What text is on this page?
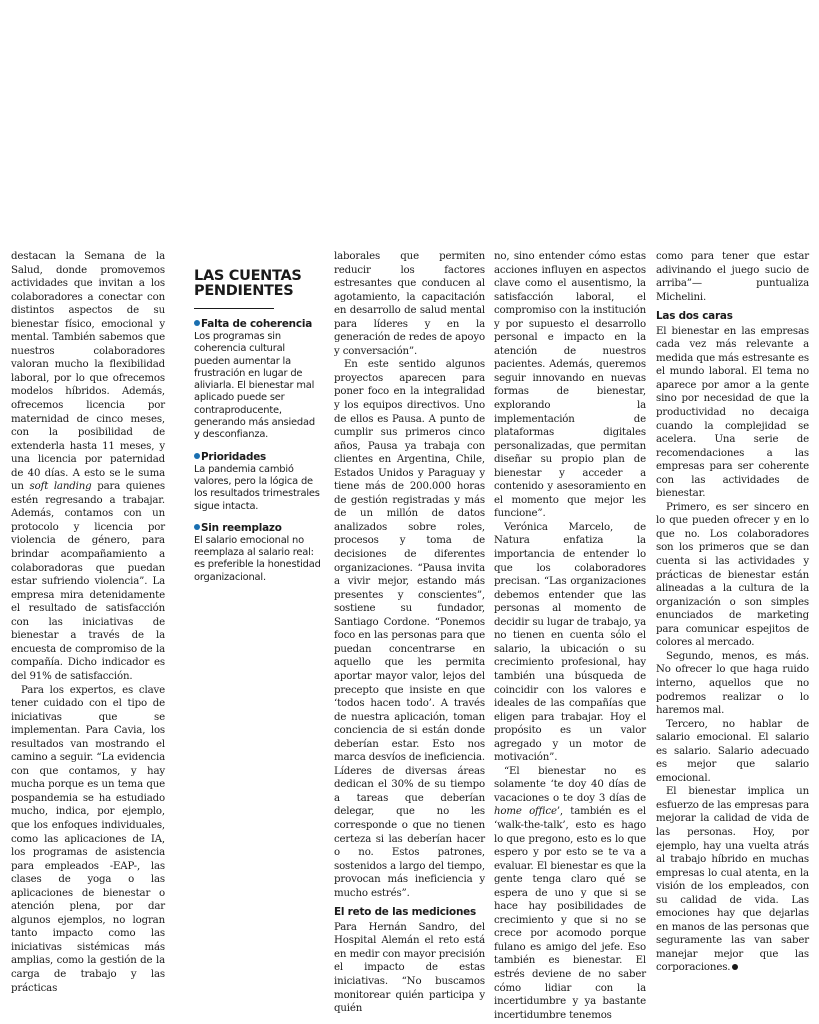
destacan la Semana de la Salud, donde promovemos actividades que invitan a los colaboradores a conectar con distintos aspectos de su bienestar físico, emocional y mental. También sabemos que nuestros colaboradores valoran mucho la flexibilidad laboral, por lo que ofrecemos modelos híbridos. Además, ofrecemos licencia por maternidad de cinco meses, con la posibilidad de extenderla hasta 11 meses, y una licencia por paternidad de 40 días. A esto se le suma un soft landing para quienes estén regresando a trabajar. Además, contamos con un protocolo y licencia por violencia de género, para brindar acompañamiento a colaboradoras que puedan estar sufriendo violencia”. La empresa mira detenidamente el resultado de satisfacción con las iniciativas de bienestar a través de la encuesta de compromiso de la compañía. Dicho indicador es del 91% de satisfacción.

Para los expertos, es clave tener cuidado con el tipo de iniciativas que se implementan. Para Cavia, los resultados van mostrando el camino a seguir. “La evidencia con que contamos, y hay mucha porque es un tema que pospandemia se ha estudiado mucho, indica, por ejemplo, que los enfoques individuales, como las aplicaciones de IA, los programas de asistencia para empleados -EAP-, las clases de yoga o las aplicaciones de bienestar o atención plena, por dar algunos ejemplos, no logran tanto impacto como las iniciativas sistémicas más amplias, como la gestión de la carga de trabajo y las prácticas

LAS CUENTAS PENDIENTES
Falta de coherencia
Los programas sin coherencia cultural pueden aumentar la frustración en lugar de aliviarla. El bienestar mal aplicado puede ser contraproducente, generando más ansiedad y desconfianza.
Prioridades
La pandemia cambió valores, pero la lógica de los resultados trimestrales sigue intacta.
Sin reemplazo
El salario emocional no reemplaza al salario real: es preferible la honestidad organizacional.

laborales que permiten reducir los factores estresantes que conducen al agotamiento, la capacitación en desarrollo de salud mental para líderes y en la generación de redes de apoyo y conversación”.

En este sentido algunos proyectos aparecen para poner foco en la integralidad y los equipos directivos. Uno de ellos es Pausa. A punto de cumplir sus primeros cinco años, Pausa ya trabaja con clientes en Argentina, Chile, Estados Unidos y Paraguay y tiene más de 200.000 horas de gestión registradas y más de un millón de datos analizados sobre roles, procesos y toma de decisiones de diferentes organizaciones. “Pausa invita a vivir mejor, estando más presentes y conscientes”, sostiene su fundador, Santiago Cordone. “Ponemos foco en las personas para que puedan concentrarse en aquello que les permita aportar mayor valor, lejos del precepto que insiste en que ‘todos hacen todo’. A través de nuestra aplicación, toman conciencia de si están donde deberían estar. Esto nos marca desvíos de ineficiencia. Líderes de diversas áreas dedican el 30% de su tiempo a tareas que deberían delegar, que no les corresponde o que no tienen certeza si las deberían hacer o no. Estos patrones, sostenidos a largo del tiempo, provocan más ineficiencia y mucho estrés”.

El reto de las mediciones

Para Hernán Sandro, del Hospital Alemán el reto está en medir con mayor precisión el impacto de estas iniciativas. “No buscamos monitorear quién participa y quién

no, sino entender cómo estas acciones influyen en aspectos clave como el ausentismo, la satisfacción laboral, el compromiso con la institución y por supuesto el desarrollo personal e impacto en la atención de nuestros pacientes. Además, queremos seguir innovando en nuevas formas de bienestar, explorando la implementación de plataformas digitales personalizadas, que permitan diseñar su propio plan de bienestar y acceder a contenido y asesoramiento en el momento que mejor les funcione”.

Verónica Marcelo, de Natura enfatiza la importancia de entender lo que los colaboradores precisan. “Las organizaciones debemos entender que las personas al momento de decidir su lugar de trabajo, ya no tienen en cuenta sólo el salario, la ubicación o su crecimiento profesional, hay también una búsqueda de coincidir con los valores e ideales de las compañías que eligen para trabajar. Hoy el propósito es un valor agregado y un motor de motivación”.

“El bienestar no es solamente ‘te doy 40 días de vacaciones o te doy 3 días de home office’, también es el ‘walk-the-talk’, esto es hago lo que pregono, esto es lo que espero y por esto se te va a evaluar. El bienestar es que la gente tenga claro qué se espera de uno y que si se hace hay posibilidades de crecimiento y que si no se crece por acomodo porque fulano es amigo del jefe. Eso también es bienestar. El estrés deviene de no saber cómo lidiar con la incertidumbre y ya bastante incertidumbre tenemos

como para tener que estar adivinando el juego sucio de arriba”— puntualiza Michelini.

Las dos caras

El bienestar en las empresas cada vez más relevante a medida que más estresante es el mundo laboral. El tema no aparece por amor a la gente sino por necesidad de que la productividad no decaiga cuando la complejidad se acelera. Una serie de recomendaciones a las empresas para ser coherente con las actividades de bienestar.

Primero, es ser sincero en lo que pueden ofrecer y en lo que no. Los colaboradores son los primeros que se dan cuenta si las actividades y prácticas de bienestar están alineadas a la cultura de la organización o son simples enunciados de marketing para comunicar espejitos de colores al mercado.

Segundo, menos, es más. No ofrecer lo que haga ruido interno, aquellos que no podremos realizar o lo haremos mal.

Tercero, no hablar de salario emocional. El salario es salario. Salario adecuado es mejor que salario emocional.

El bienestar implica un esfuerzo de las empresas para mejorar la calidad de vida de las personas. Hoy, por ejemplo, hay una vuelta atrás al trabajo híbrido en muchas empresas lo cual atenta, en la visión de los empleados, con su calidad de vida. Las emociones hay que dejarlas en manos de las personas que seguramente las van saber manejar mejor que las corporaciones.
